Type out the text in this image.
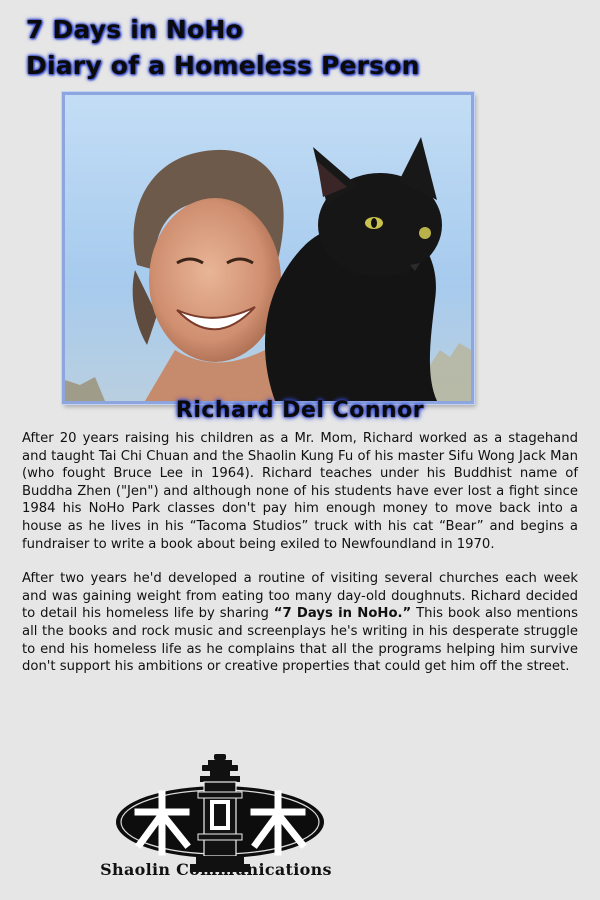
7 Days in NoHo
Diary of a Homeless Person
Richard Del Connor

After 20 years raising his children as a Mr. Mom, Richard worked as a stagehand and taught Tai Chi Chuan and the Shaolin Kung Fu of his master Sifu Wong Jack Man (who fought Bruce Lee in 1964). Richard teaches under his Buddhist name of Buddha Zhen ("Jen") and although none of his students have ever lost a fight since 1984 his NoHo Park classes don't pay him enough money to move back into a house as he lives in his “Tacoma Studios” truck with his cat “Bear” and begins a fundraiser to write a book about being exiled to Newfoundland in 1970.

After two years he'd developed a routine of visiting several churches each week and was gaining weight from eating too many day-old doughnuts. Richard decided to detail his homeless life by sharing “7 Days in NoHo.” This book also mentions all the books and rock music and screenplays he's writing in his desperate struggle to end his homeless life as he complains that all the programs helping him survive don't support his ambitions or creative properties that could get him off the street.

Shaolin Communications
